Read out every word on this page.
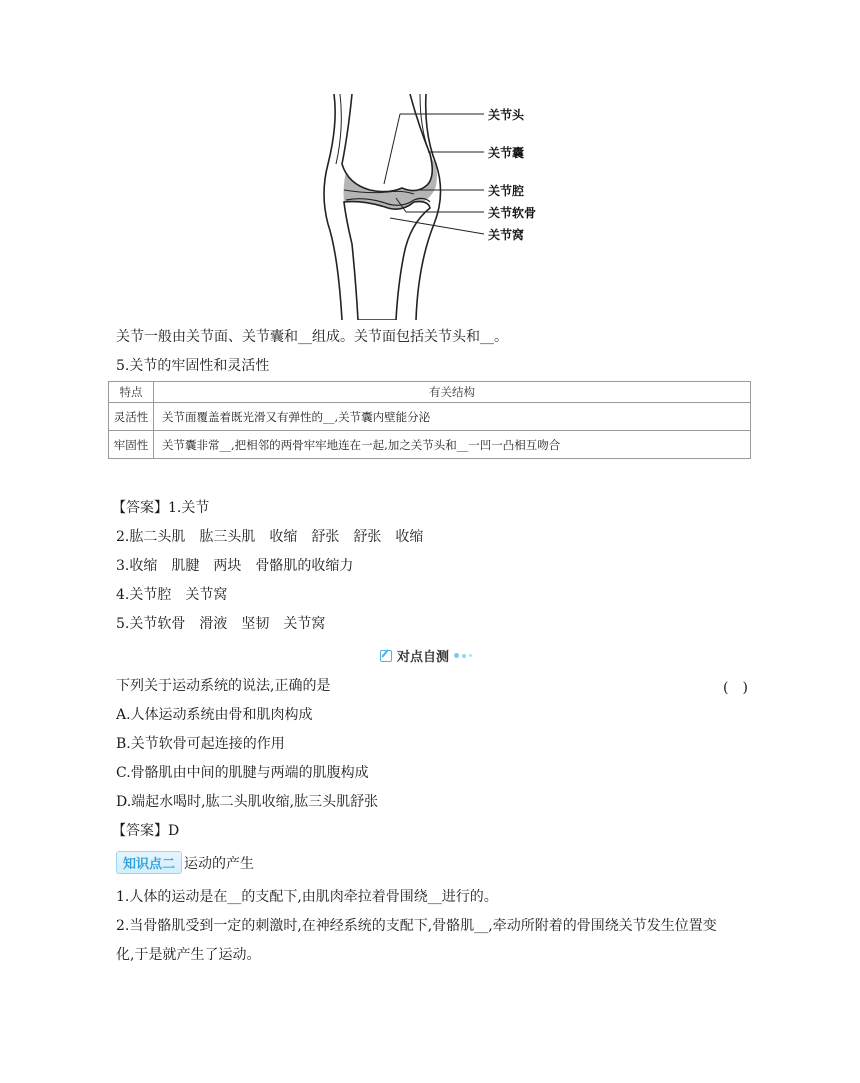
关节头
关节囊
关节腔
关节软骨
关节窝
关节一般由关节面、关节囊和__组成。关节面包括关节头和__。
5.关节的牢固性和灵活性
特点	有关结构
灵活性	关节面覆盖着既光滑又有弹性的__,关节囊内壁能分泌
牢固性	关节囊非常__,把相邻的两骨牢牢地连在一起,加之关节头和__一凹一凸相互吻合
【答案】1.关节
2.肱二头肌　肱三头肌　收缩　舒张　舒张　收缩
3.收缩　肌腱　两块　骨骼肌的收缩力
4.关节腔　关节窝
5.关节软骨　滑液　坚韧　关节窝
对点自测
下列关于运动系统的说法,正确的是	(　)
A.人体运动系统由骨和肌肉构成
B.关节软骨可起连接的作用
C.骨骼肌由中间的肌腱与两端的肌腹构成
D.端起水喝时,肱二头肌收缩,肱三头肌舒张
【答案】D
知识点二 运动的产生
1.人体的运动是在__的支配下,由肌肉牵拉着骨围绕__进行的。
2.当骨骼肌受到一定的刺激时,在神经系统的支配下,骨骼肌__,牵动所附着的骨围绕关节发生位置变
化,于是就产生了运动。
